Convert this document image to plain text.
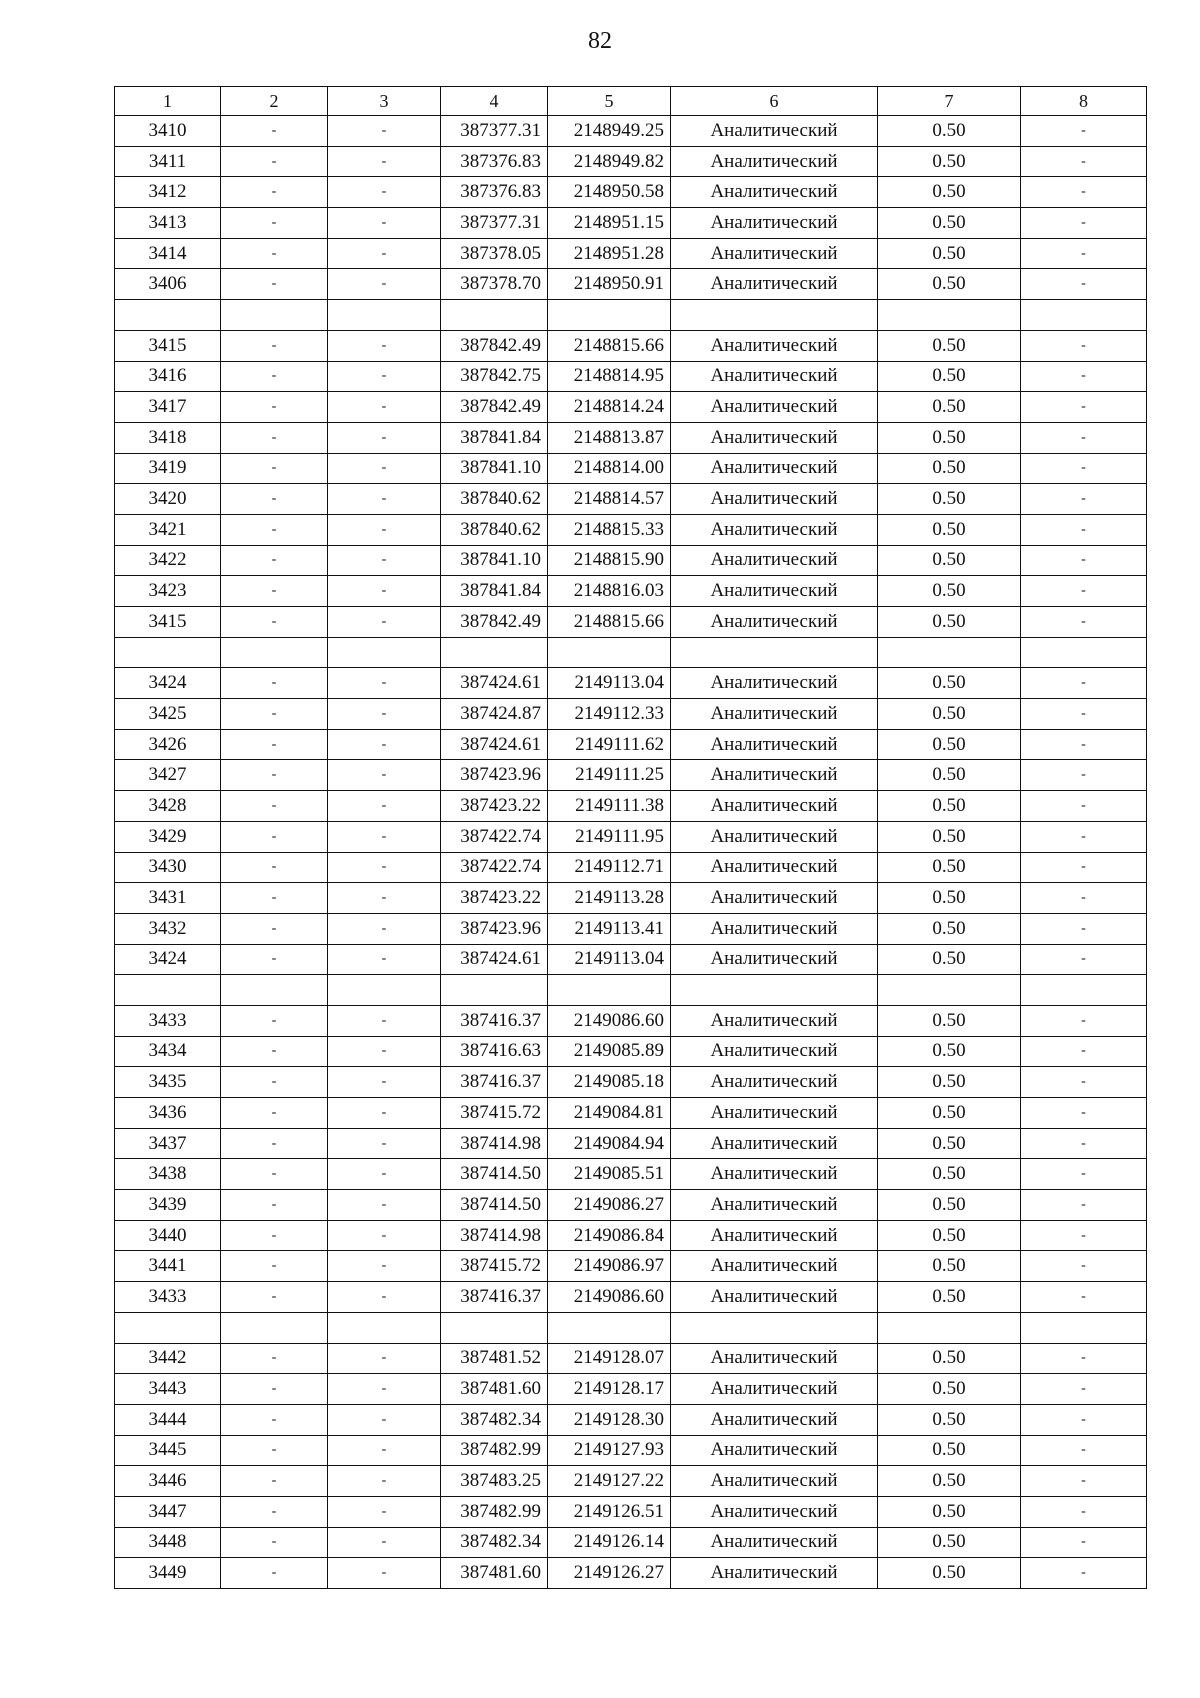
82
1	2	3	4	5	6	7	8
3410	-	-	387377.31	2148949.25	Аналитический	0.50	-
3411	-	-	387376.83	2148949.82	Аналитический	0.50	-
3412	-	-	387376.83	2148950.58	Аналитический	0.50	-
3413	-	-	387377.31	2148951.15	Аналитический	0.50	-
3414	-	-	387378.05	2148951.28	Аналитический	0.50	-
3406	-	-	387378.70	2148950.91	Аналитический	0.50	-

3415	-	-	387842.49	2148815.66	Аналитический	0.50	-
3416	-	-	387842.75	2148814.95	Аналитический	0.50	-
3417	-	-	387842.49	2148814.24	Аналитический	0.50	-
3418	-	-	387841.84	2148813.87	Аналитический	0.50	-
3419	-	-	387841.10	2148814.00	Аналитический	0.50	-
3420	-	-	387840.62	2148814.57	Аналитический	0.50	-
3421	-	-	387840.62	2148815.33	Аналитический	0.50	-
3422	-	-	387841.10	2148815.90	Аналитический	0.50	-
3423	-	-	387841.84	2148816.03	Аналитический	0.50	-
3415	-	-	387842.49	2148815.66	Аналитический	0.50	-

3424	-	-	387424.61	2149113.04	Аналитический	0.50	-
3425	-	-	387424.87	2149112.33	Аналитический	0.50	-
3426	-	-	387424.61	2149111.62	Аналитический	0.50	-
3427	-	-	387423.96	2149111.25	Аналитический	0.50	-
3428	-	-	387423.22	2149111.38	Аналитический	0.50	-
3429	-	-	387422.74	2149111.95	Аналитический	0.50	-
3430	-	-	387422.74	2149112.71	Аналитический	0.50	-
3431	-	-	387423.22	2149113.28	Аналитический	0.50	-
3432	-	-	387423.96	2149113.41	Аналитический	0.50	-
3424	-	-	387424.61	2149113.04	Аналитический	0.50	-

3433	-	-	387416.37	2149086.60	Аналитический	0.50	-
3434	-	-	387416.63	2149085.89	Аналитический	0.50	-
3435	-	-	387416.37	2149085.18	Аналитический	0.50	-
3436	-	-	387415.72	2149084.81	Аналитический	0.50	-
3437	-	-	387414.98	2149084.94	Аналитический	0.50	-
3438	-	-	387414.50	2149085.51	Аналитический	0.50	-
3439	-	-	387414.50	2149086.27	Аналитический	0.50	-
3440	-	-	387414.98	2149086.84	Аналитический	0.50	-
3441	-	-	387415.72	2149086.97	Аналитический	0.50	-
3433	-	-	387416.37	2149086.60	Аналитический	0.50	-

3442	-	-	387481.52	2149128.07	Аналитический	0.50	-
3443	-	-	387481.60	2149128.17	Аналитический	0.50	-
3444	-	-	387482.34	2149128.30	Аналитический	0.50	-
3445	-	-	387482.99	2149127.93	Аналитический	0.50	-
3446	-	-	387483.25	2149127.22	Аналитический	0.50	-
3447	-	-	387482.99	2149126.51	Аналитический	0.50	-
3448	-	-	387482.34	2149126.14	Аналитический	0.50	-
3449	-	-	387481.60	2149126.27	Аналитический	0.50	-
